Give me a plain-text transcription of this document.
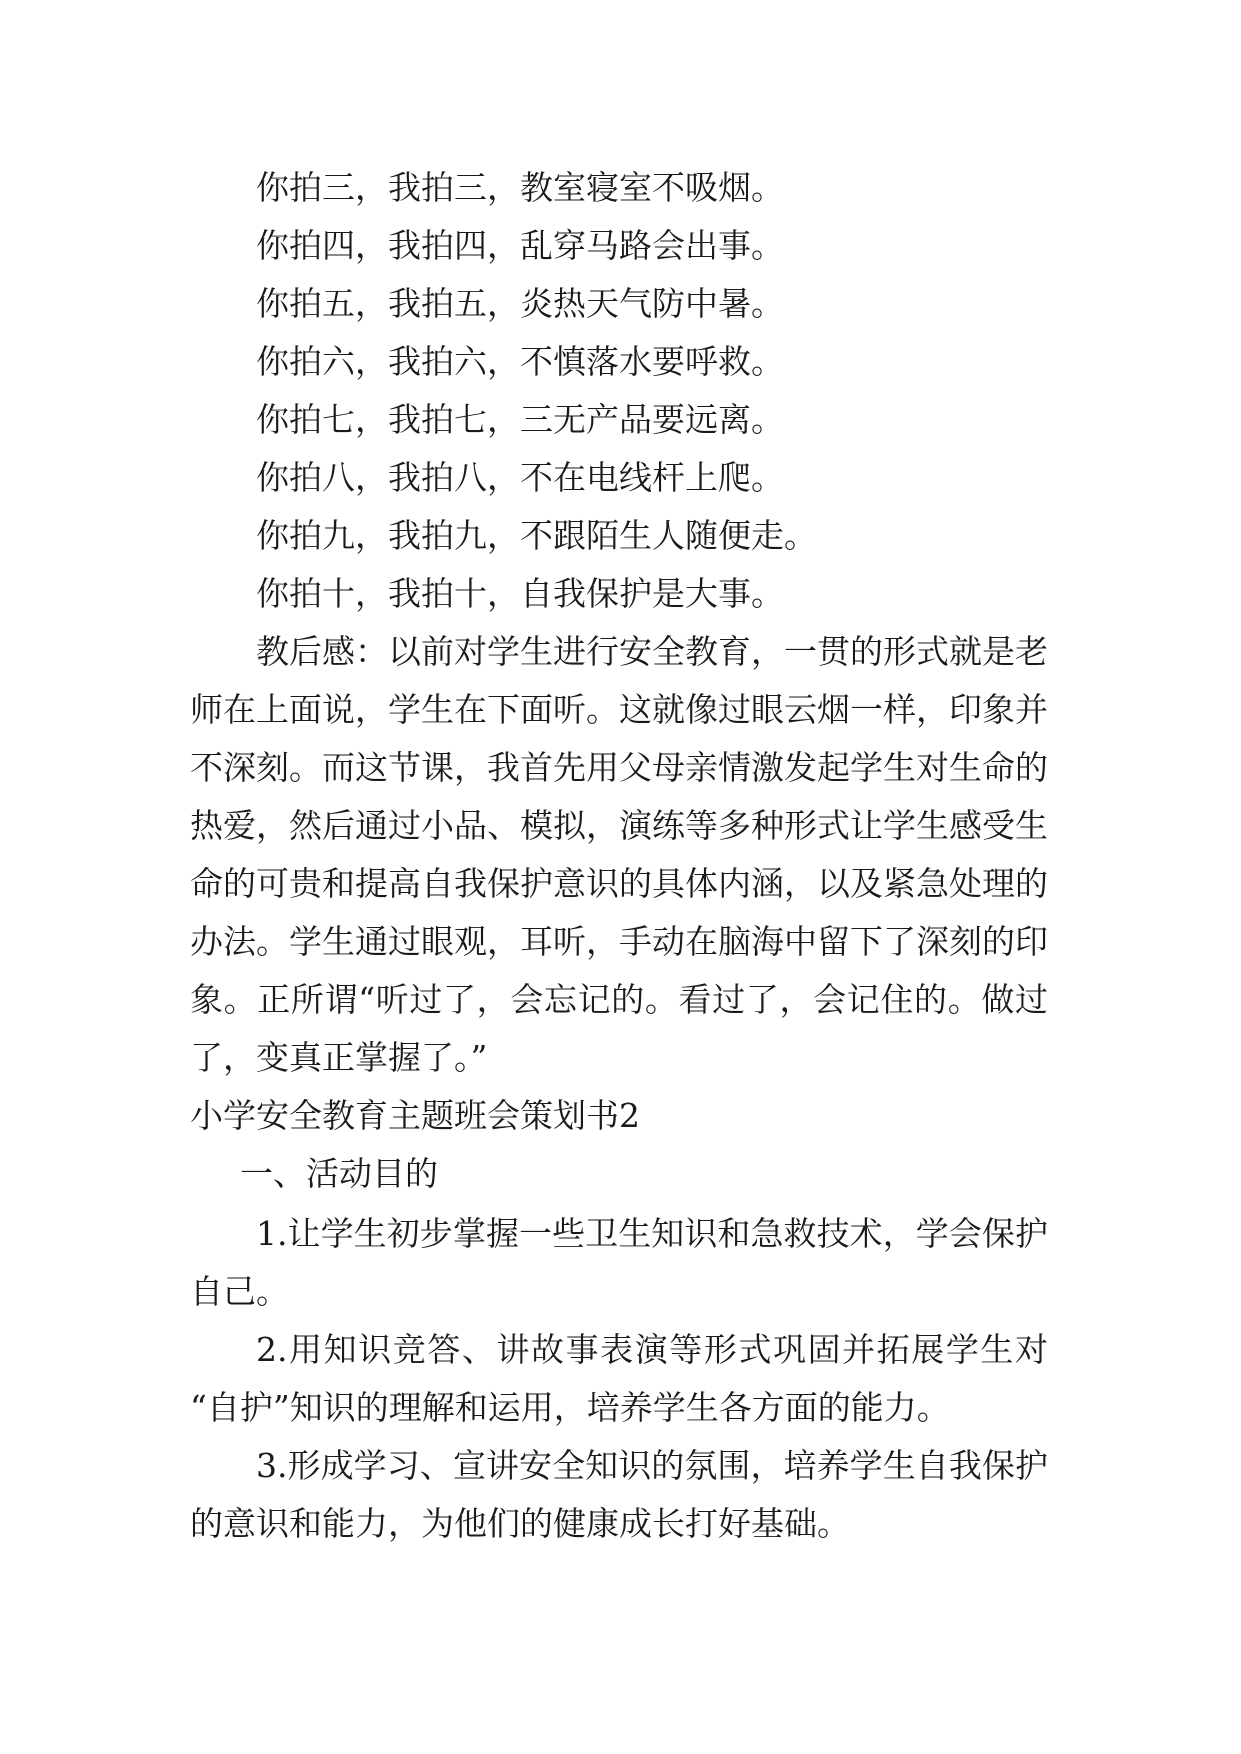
你拍三，我拍三，教室寝室不吸烟。
你拍四，我拍四，乱穿马路会出事。
你拍五，我拍五，炎热天气防中暑。
你拍六，我拍六，不慎落水要呼救。
你拍七，我拍七，三无产品要远离。
你拍八，我拍八，不在电线杆上爬。
你拍九，我拍九，不跟陌生人随便走。
你拍十，我拍十，自我保护是大事。
教后感：以前对学生进行安全教育，一贯的形式就是老
师在上面说，学生在下面听。这就像过眼云烟一样，印象并
不深刻。而这节课，我首先用父母亲情激发起学生对生命的
热爱，然后通过小品、模拟，演练等多种形式让学生感受生
命的可贵和提高自我保护意识的具体内涵，以及紧急处理的
办法。学生通过眼观，耳听，手动在脑海中留下了深刻的印
象。正所谓“听过了，会忘记的。看过了，会记住的。做过
了，变真正掌握了。”
小学安全教育主题班会策划书2
一、活动目的
1.让学生初步掌握一些卫生知识和急救技术，学会保护
自己。
2.用知识竞答、讲故事表演等形式巩固并拓展学生对
“自护”知识的理解和运用，培养学生各方面的能力。
3.形成学习、宣讲安全知识的氛围，培养学生自我保护
的意识和能力，为他们的健康成长打好基础。
